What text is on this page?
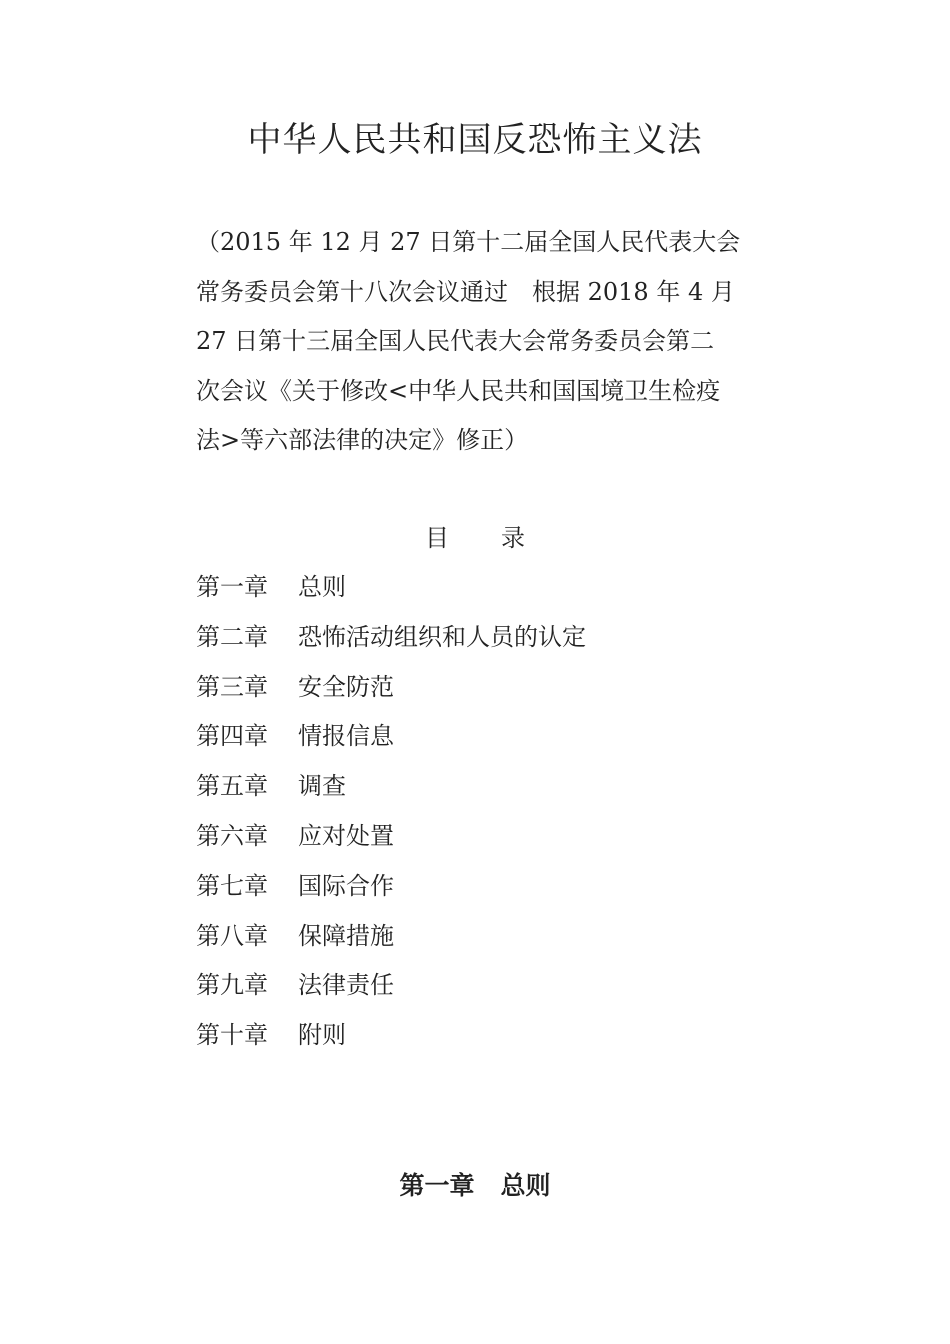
中华人民共和国反恐怖主义法
（2015 年 12 月 27 日第十二届全国人民代表大会
常务委员会第十八次会议通过　根据 2018 年 4 月
27 日第十三届全国人民代表大会常务委员会第二
次会议《关于修改<中华人民共和国国境卫生检疫
法>等六部法律的决定》修正）
目 录
第一章 总则
第二章 恐怖活动组织和人员的认定
第三章 安全防范
第四章 情报信息
第五章 调查
第六章 应对处置
第七章 国际合作
第八章 保障措施
第九章 法律责任
第十章 附则
第一章 总则
